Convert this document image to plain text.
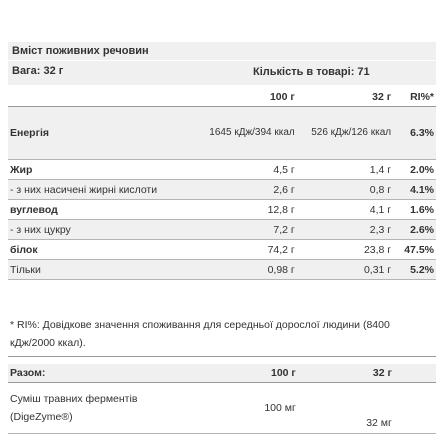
Вміст поживних речовин
Вага: 32 г	Кількість в товарі: 71
	100 г	32 г	RI%*
Енергія	1645 кДж/394 ккал	526 кДж/126 ккал	6.3%
Жир	4,5 г	1,4 г	2.0%
- з них насичені жирні кислоти	2,6 г	0,8 г	4.1%
вуглевод	12,8 г	4,1 г	1.6%
- з них цукру	7,2 г	2,3 г	2.6%
білок	74,2 г	23,8 г	47.5%
Тільки	0,98 г	0,31 г	5.2%
* RI%: Довідкове значення споживання для середньої дорослої людини (8400 кДж/2000 ккал).
Разом:	100 г	32 г	
Суміш травних ферментів (DigeZyme®)	100 мг	32 мг	
